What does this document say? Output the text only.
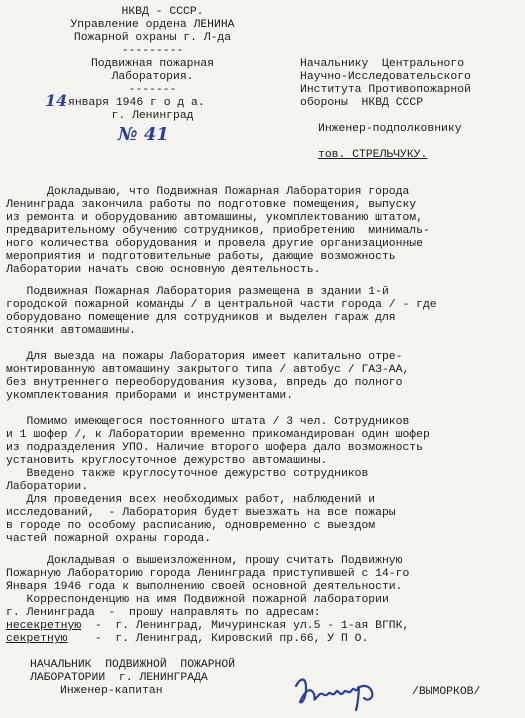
НКВД - СССР.
Управление ордена ЛЕНИНА
Пожарной охраны г. Л-да
---------
Подвижная пожарная
Лаборатория.
-------
14 января 1946 г о д а.
г. Ленинград
№ 41
Начальнику  Центрального
Научно-Исследовательского
Института Противопожарной
обороны  НКВД СССР
Инженер-подполковнику
тов. СТРЕЛЬЧУКУ.
Докладываю, что Подвижная Пожарная Лаборатория города
Ленинграда закончила работы по подготовке помещения, выпуску
из ремонта и оборудованию автомашины, укомплектованию штатом,
предварительному обучению сотрудников, приобретению  минималь-
ного количества оборудования и провела другие организационные
мероприятия и подготовительные работы, дающие возможность
Лаборатории начать свою основную деятельность.
Подвижная Пожарная Лаборатория размещена в здании 1-й
городской пожарной команды / в центральной части города / - где
оборудовано помещение для сотрудников и выделен гараж для
стоянки автомашины.
Для выезда на пожары Лаборатория имеет капитально отре-
монтированную автомашину закрытого типа / автобус / ГАЗ-АА,
без внутреннего переоборудования кузова, впредь до полного
укомплектования приборами и инструментами.
Помимо имеющегося постоянного штата / 3 чел. Сотрудников
и 1 шофер /, к Лаборатории временно прикомандирован один шофер
из подразделения УПО. Наличие второго шофера дало возможность
установить круглосуточное дежурство автомашины.
Введено также круглосуточное дежурство сотрудников
Лаборатории.
Для проведения всех необходимых работ, наблюдений и
исследований,  - Лаборатория будет выезжать на все пожары
в городе по особому расписанию, одновременно с выездом
частей пожарной охраны города.
Докладывая о вышеизложенном, прошу считать Подвижную
Пожарную Лабораторию города Ленинграда приступившей с 14-го
Января 1946 года к выполнению своей основной деятельности.
Корреспонденцию на имя Подвижной пожарной лаборатории
г. Ленинграда  -  прошу направлять по адресам:
несекретную  -  г. Ленинград, Мичуринская ул.5 - 1-ая ВГПК,
секретную    -  г. Ленинград, Кировский пр.66, У П О.
НАЧАЛЬНИК  ПОДВИЖНОЙ  ПОЖАРНОЙ
ЛАБОРАТОРИИ  г. ЛЕНИНГРАДА
Инженер-капитан	/ВЫМОРКОВ/
